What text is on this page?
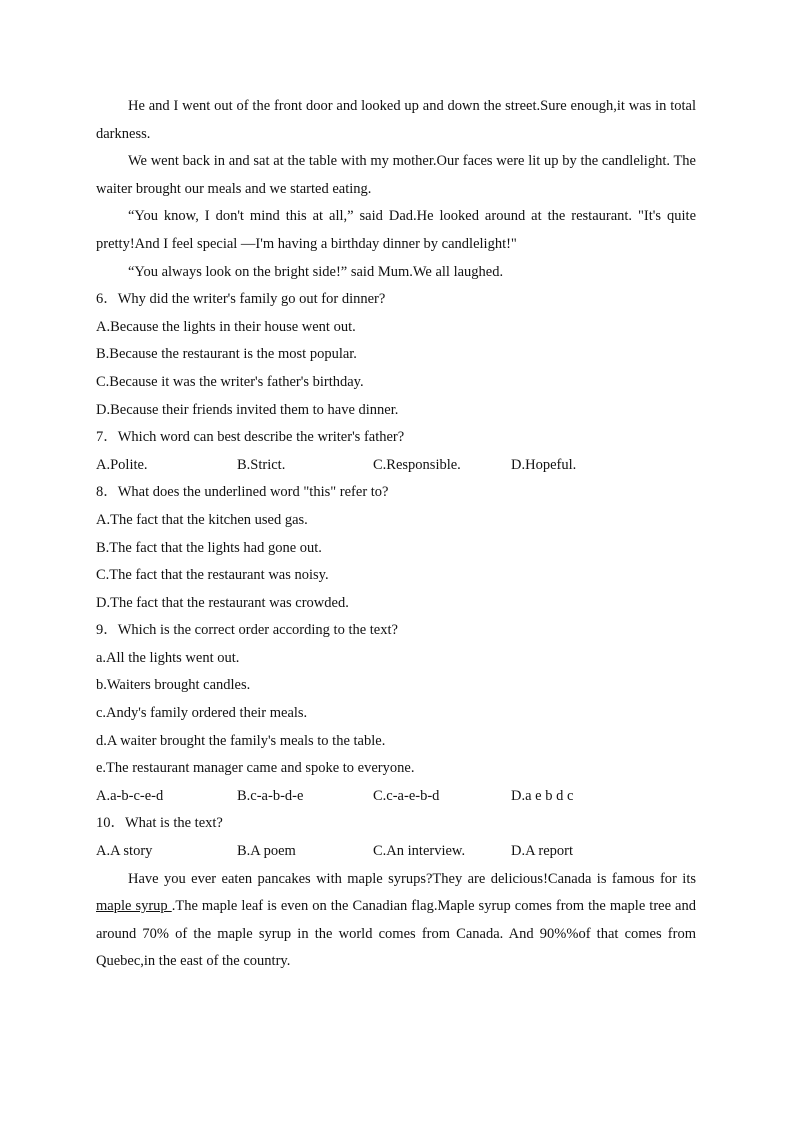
He and I went out of the front door and looked up and down the street.Sure enough,it was in total darkness.

We went back in and sat at the table with my mother.Our faces were lit up by the candlelight. The waiter brought our meals and we started eating.

“You know, I don't mind this at all,” said Dad.He looked around at the restaurant. "It's quite pretty!And I feel special —I'm having a birthday dinner by candlelight!"

“You always look on the bright side!” said Mum.We all laughed.

6．Why did the writer's family go out for dinner?
A.Because the lights in their house went out.
B.Because the restaurant is the most popular.
C.Because it was the writer's father's birthday.
D.Because their friends invited them to have dinner.
7．Which word can best describe the writer's father?
A.Polite.	B.Strict.	C.Responsible.	D.Hopeful.
8．What does the underlined word "this" refer to?
A.The fact that the kitchen used gas.
B.The fact that the lights had gone out.
C.The fact that the restaurant was noisy.
D.The fact that the restaurant was crowded.
9．Which is the correct order according to the text?
a.All the lights went out.
b.Waiters brought candles.
c.Andy's family ordered their meals.
d.A waiter brought the family's meals to the table.
e.The restaurant manager came and spoke to everyone.
A.a-b-c-e-d	B.c-a-b-d-e	C.c-a-e-b-d	D.a e b d c
10．What is the text?
A.A story	B.A poem	C.An interview.	D.A report

Have you ever eaten pancakes with maple syrups?They are delicious!Canada is famous for its maple syrup .The maple leaf is even on the Canadian flag.Maple syrup comes from the maple tree and around 70% of the maple syrup in the world comes from Canada. And 90%%of that comes from Quebec,in the east of the country.
